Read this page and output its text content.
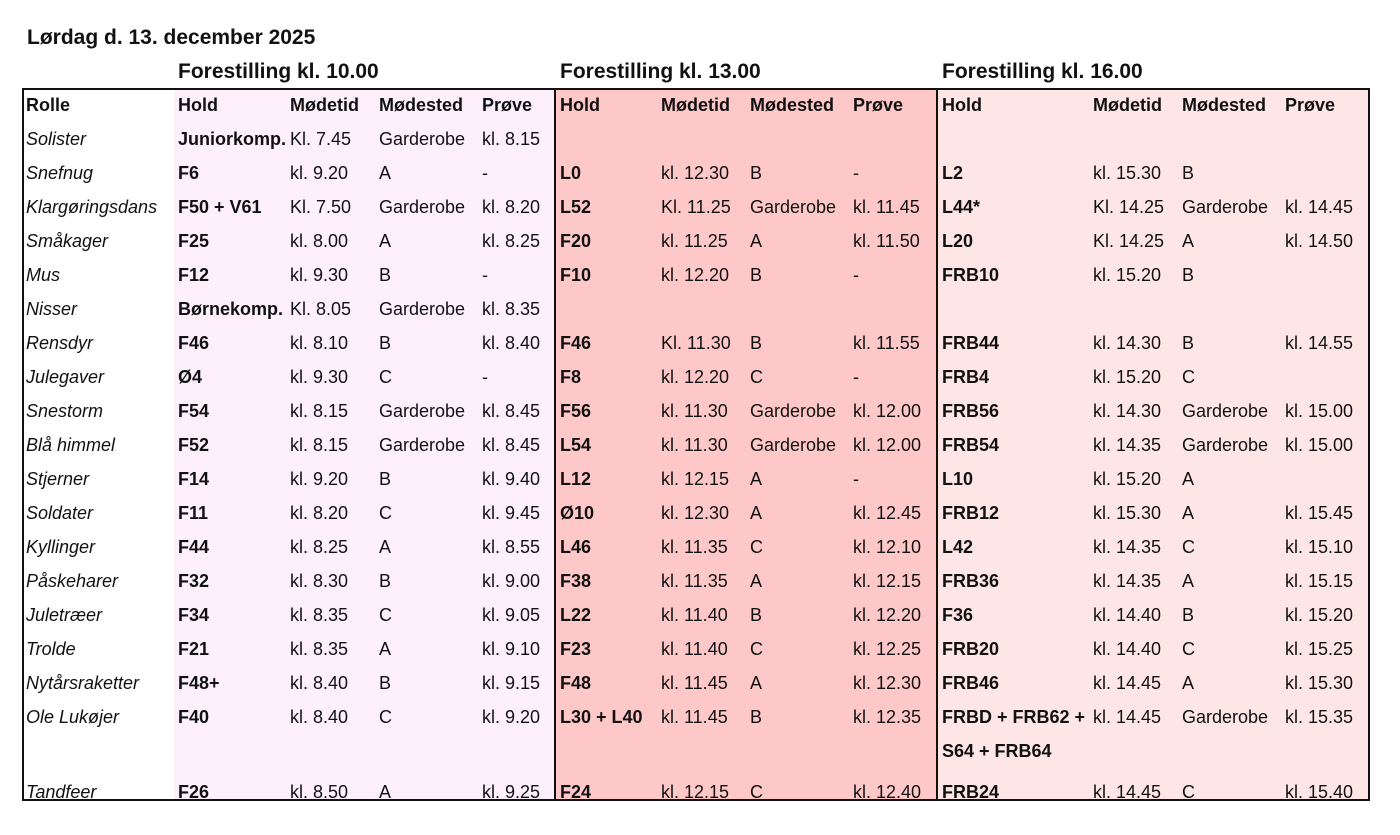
Lørdag d. 13. december 2025
Forestilling kl. 10.00	Forestilling kl. 13.00	Forestilling kl. 16.00
Rolle	Hold	Mødetid	Mødested	Prøve	Hold	Mødetid	Mødested	Prøve	Hold	Mødetid	Mødested	Prøve
Solister	Juniorkomp.	Kl. 7.45	Garderobe	kl. 8.15								
Snefnug	F6	kl. 9.20	A	-	L0	kl. 12.30	B	-	L2	kl. 15.30	B	
Klargøringsdans	F50 + V61	Kl. 7.50	Garderobe	kl. 8.20	L52	Kl. 11.25	Garderobe	kl. 11.45	L44*	Kl. 14.25	Garderobe	kl. 14.45
Småkager	F25	kl. 8.00	A	kl. 8.25	F20	kl. 11.25	A	kl. 11.50	L20	Kl. 14.25	A	kl. 14.50
Mus	F12	kl. 9.30	B	-	F10	kl. 12.20	B	-	FRB10	kl. 15.20	B	
Nisser	Børnekomp.	Kl. 8.05	Garderobe	kl. 8.35								
Rensdyr	F46	kl. 8.10	B	kl. 8.40	F46	Kl. 11.30	B	kl. 11.55	FRB44	kl. 14.30	B	kl. 14.55
Julegaver	Ø4	kl. 9.30	C	-	F8	kl. 12.20	C	-	FRB4	kl. 15.20	C	
Snestorm	F54	kl. 8.15	Garderobe	kl. 8.45	F56	kl. 11.30	Garderobe	kl. 12.00	FRB56	kl. 14.30	Garderobe	kl. 15.00
Blå himmel	F52	kl. 8.15	Garderobe	kl. 8.45	L54	kl. 11.30	Garderobe	kl. 12.00	FRB54	kl. 14.35	Garderobe	kl. 15.00
Stjerner	F14	kl. 9.20	B	kl. 9.40	L12	kl. 12.15	A	-	L10	kl. 15.20	A	
Soldater	F11	kl. 8.20	C	kl. 9.45	Ø10	kl. 12.30	A	kl. 12.45	FRB12	kl. 15.30	A	kl. 15.45
Kyllinger	F44	kl. 8.25	A	kl. 8.55	L46	kl. 11.35	C	kl. 12.10	L42	kl. 14.35	C	kl. 15.10
Påskeharer	F32	kl. 8.30	B	kl. 9.00	F38	kl. 11.35	A	kl. 12.15	FRB36	kl. 14.35	A	kl. 15.15
Juletræer	F34	kl. 8.35	C	kl. 9.05	L22	kl. 11.40	B	kl. 12.20	F36	kl. 14.40	B	kl. 15.20
Trolde	F21	kl. 8.35	A	kl. 9.10	F23	kl. 11.40	C	kl. 12.25	FRB20	kl. 14.40	C	kl. 15.25
Nytårsraketter	F48+	kl. 8.40	B	kl. 9.15	F48	kl. 11.45	A	kl. 12.30	FRB46	kl. 14.45	A	kl. 15.30
Ole Lukøjer	F40	kl. 8.40	C	kl. 9.20	L30 + L40	kl. 11.45	B	kl. 12.35	FRBD + FRB62 + S64 + FRB64	kl. 14.45	Garderobe	kl. 15.35
Tandfeer	F26	kl. 8.50	A	kl. 9.25	F24	kl. 12.15	C	kl. 12.40	FRB24	kl. 14.45	C	kl. 15.40
